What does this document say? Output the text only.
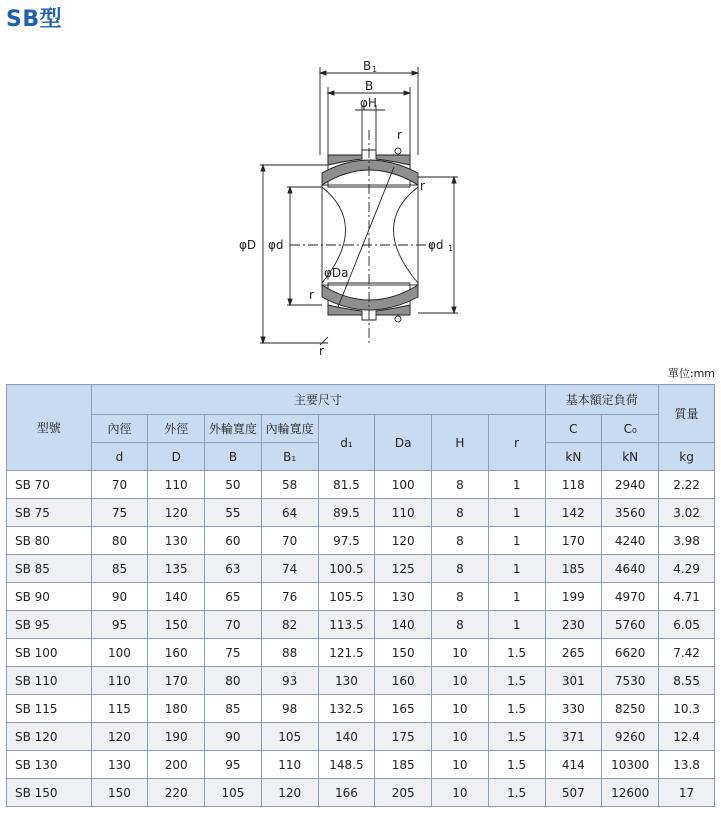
SB型
B 1
B
φH
r
r
r
r
φD φd	φd 1
φDa
單位:mm
型號	主要尺寸								基本額定負荷		質量
	內徑	外徑	外輪寬度	內輪寬度	d₁	Da	H	r	C	C₀	
	d	D	B	B₁					kN	kN	kg
SB 70	70	110	50	58	81.5	100	8	1	118	2940	2.22
SB 75	75	120	55	64	89.5	110	8	1	142	3560	3.02
SB 80	80	130	60	70	97.5	120	8	1	170	4240	3.98
SB 85	85	135	63	74	100.5	125	8	1	185	4640	4.29
SB 90	90	140	65	76	105.5	130	8	1	199	4970	4.71
SB 95	95	150	70	82	113.5	140	8	1	230	5760	6.05
SB 100	100	160	75	88	121.5	150	10	1.5	265	6620	7.42
SB 110	110	170	80	93	130	160	10	1.5	301	7530	8.55
SB 115	115	180	85	98	132.5	165	10	1.5	330	8250	10.3
SB 120	120	190	90	105	140	175	10	1.5	371	9260	12.4
SB 130	130	200	95	110	148.5	185	10	1.5	414	10300	13.8
SB 150	150	220	105	120	166	205	10	1.5	507	12600	17
